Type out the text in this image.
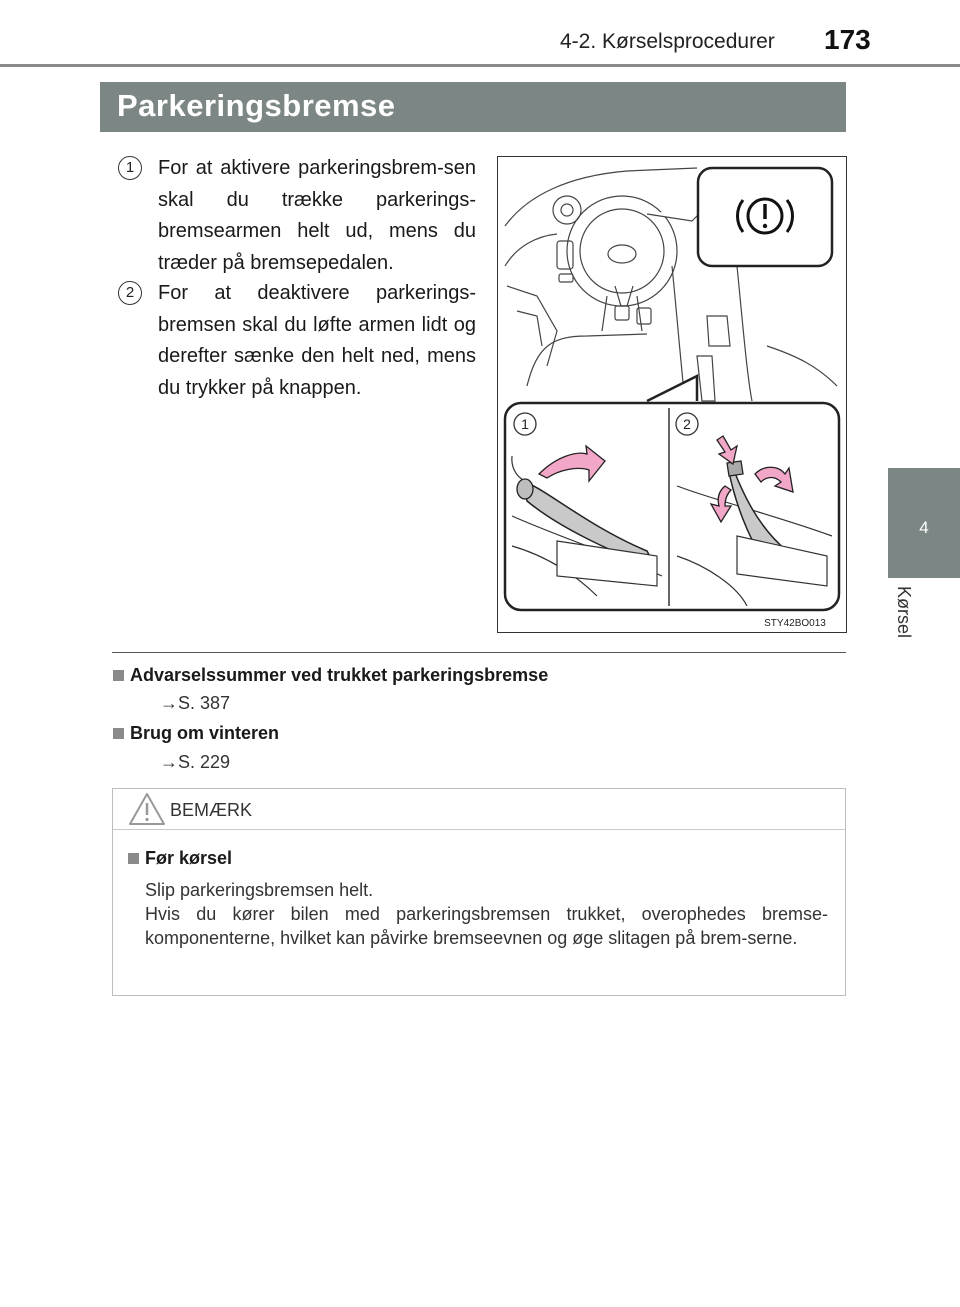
4-2. Kørselsprocedurer 173
4
Kørsel
Parkeringsbremse
1	For at aktivere parkeringsbrem-sen skal du trække parkerings-bremsearmen helt ud, mens du træder på bremsepedalen.
2	For at deaktivere parkerings-bremsen skal du løfte armen lidt og derefter sænke den helt ned, mens du trykker på knappen.
1	2
STY42BO013
Advarselssummer ved trukket parkeringsbremse
→S. 387
Brug om vinteren
→S. 229
BEMÆRK
Før kørsel

Slip parkeringsbremsen helt.

Hvis du kører bilen med parkeringsbremsen trukket, overophedes bremse-komponenterne, hvilket kan påvirke bremseevnen og øge slitagen på brem-serne.
